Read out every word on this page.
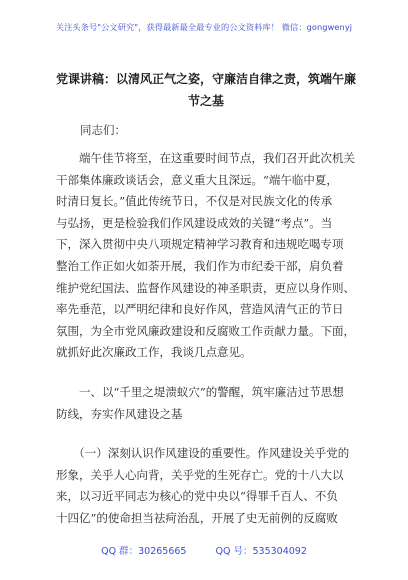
关注头条号"公文研究"，获得最新最全最专业的公文资料库！ 微信：gongwenyj
党课讲稿：以清风正气之姿，守廉洁自律之责，筑端午廉
节之基
同志们：
　　端午佳节将至，在这重要时间节点，我们召开此次机关
干部集体廉政谈话会，意义重大且深远。“端午临中夏，
时清日复长。”值此传统节日，不仅是对民族文化的传承
与弘扬，更是检验我们作风建设成效的关键“考点”。当
下，深入贯彻中央八项规定精神学习教育和违规吃喝专项
整治工作正如火如荼开展，我们作为市纪委干部，肩负着
维护党纪国法、监督作风建设的神圣职责，更应以身作则、
率先垂范，以严明纪律和良好作风，营造风清气正的节日
氛围，为全市党风廉政建设和反腐败工作贡献力量。下面，
就抓好此次廉政工作，我谈几点意见。
　　一、以“千里之堤溃蚁穴”的警醒，筑牢廉洁过节思想
防线，夯实作风建设之基
　　（一）深刻认识作风建设的重要性。作风建设关乎党的
形象，关乎人心向背，关乎党的生死存亡。党的十八大以
来，以习近平同志为核心的党中央以“得罪千百人、不负
十四亿”的使命担当祛疴治乱，开展了史无前例的反腐败
QQ 群：30265665	QQ 号：535304092
